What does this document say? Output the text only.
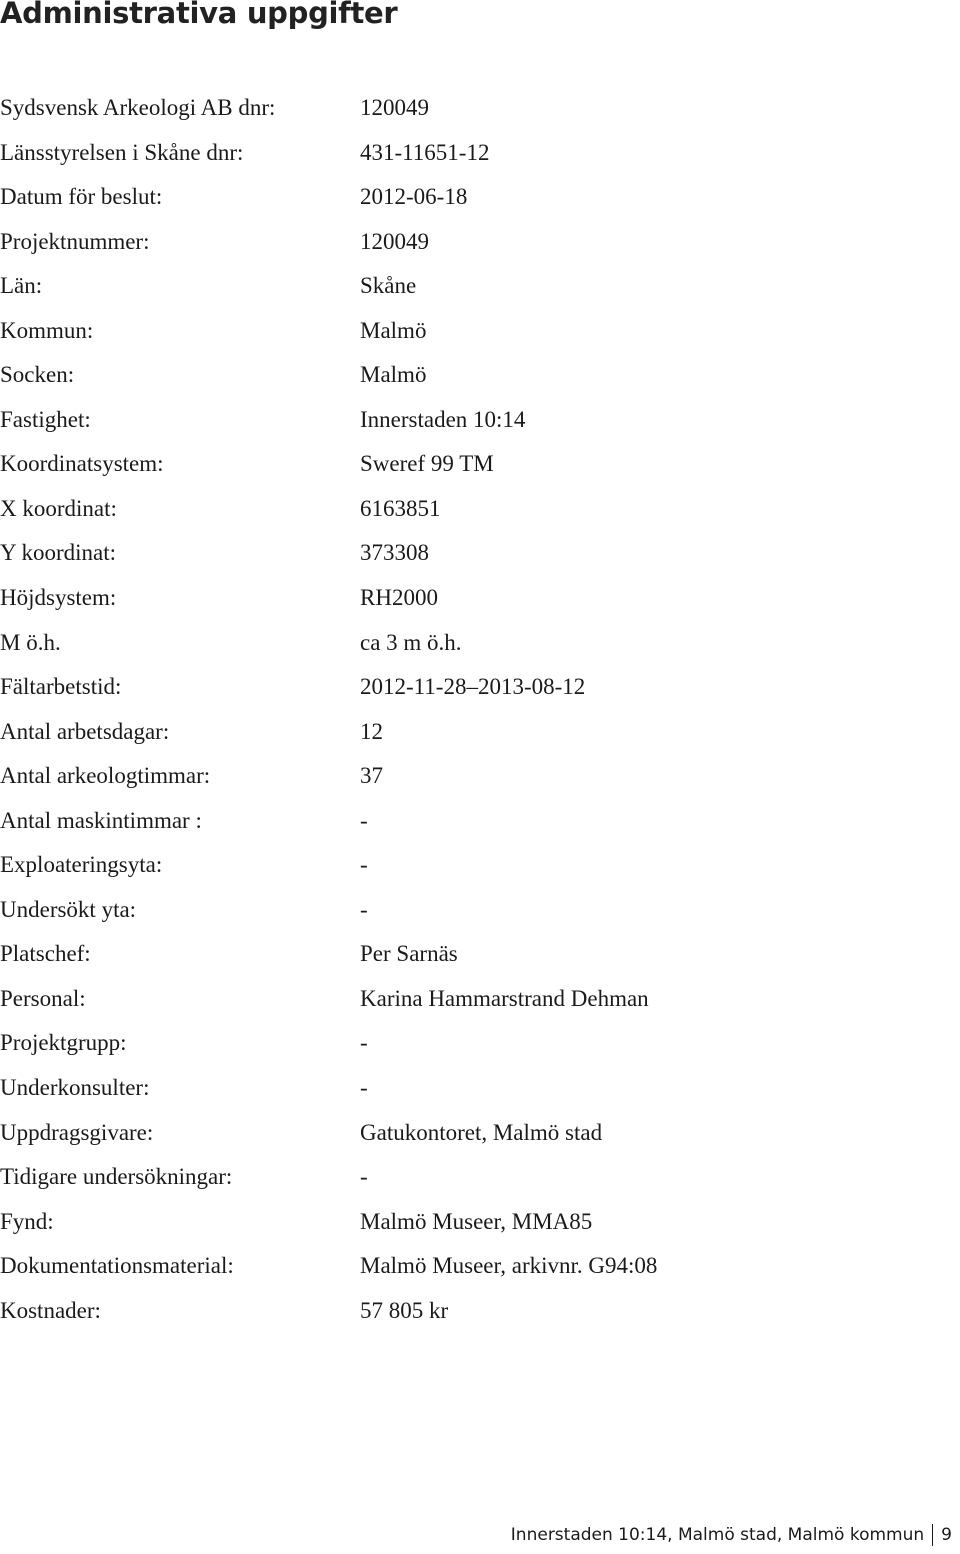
Administrativa uppgifter
Sydsvensk Arkeologi AB dnr:	120049
Länsstyrelsen i Skåne dnr:	431-11651-12
Datum för beslut:	2012-06-18
Projektnummer:	120049
Län:	Skåne
Kommun:	Malmö
Socken:	Malmö
Fastighet:	Innerstaden 10:14
Koordinatsystem:	Sweref 99 TM
X koordinat:	6163851
Y koordinat:	373308
Höjdsystem:	RH2000
M ö.h.	ca 3 m ö.h.
Fältarbetstid:	2012-11-28–2013-08-12
Antal arbetsdagar:	12
Antal arkeologtimmar:	37
Antal maskintimmar :	-
Exploateringsyta:	-
Undersökt yta:	-
Platschef:	Per Sarnäs
Personal:	Karina Hammarstrand Dehman
Projektgrupp:	-
Underkonsulter:	-
Uppdragsgivare:	Gatukontoret, Malmö stad
Tidigare undersökningar:	-
Fynd:	Malmö Museer, MMA85
Dokumentationsmaterial:	Malmö Museer, arkivnr. G94:08
Kostnader:	57 805 kr
Innerstaden 10:14, Malmö stad, Malmö kommun 9
